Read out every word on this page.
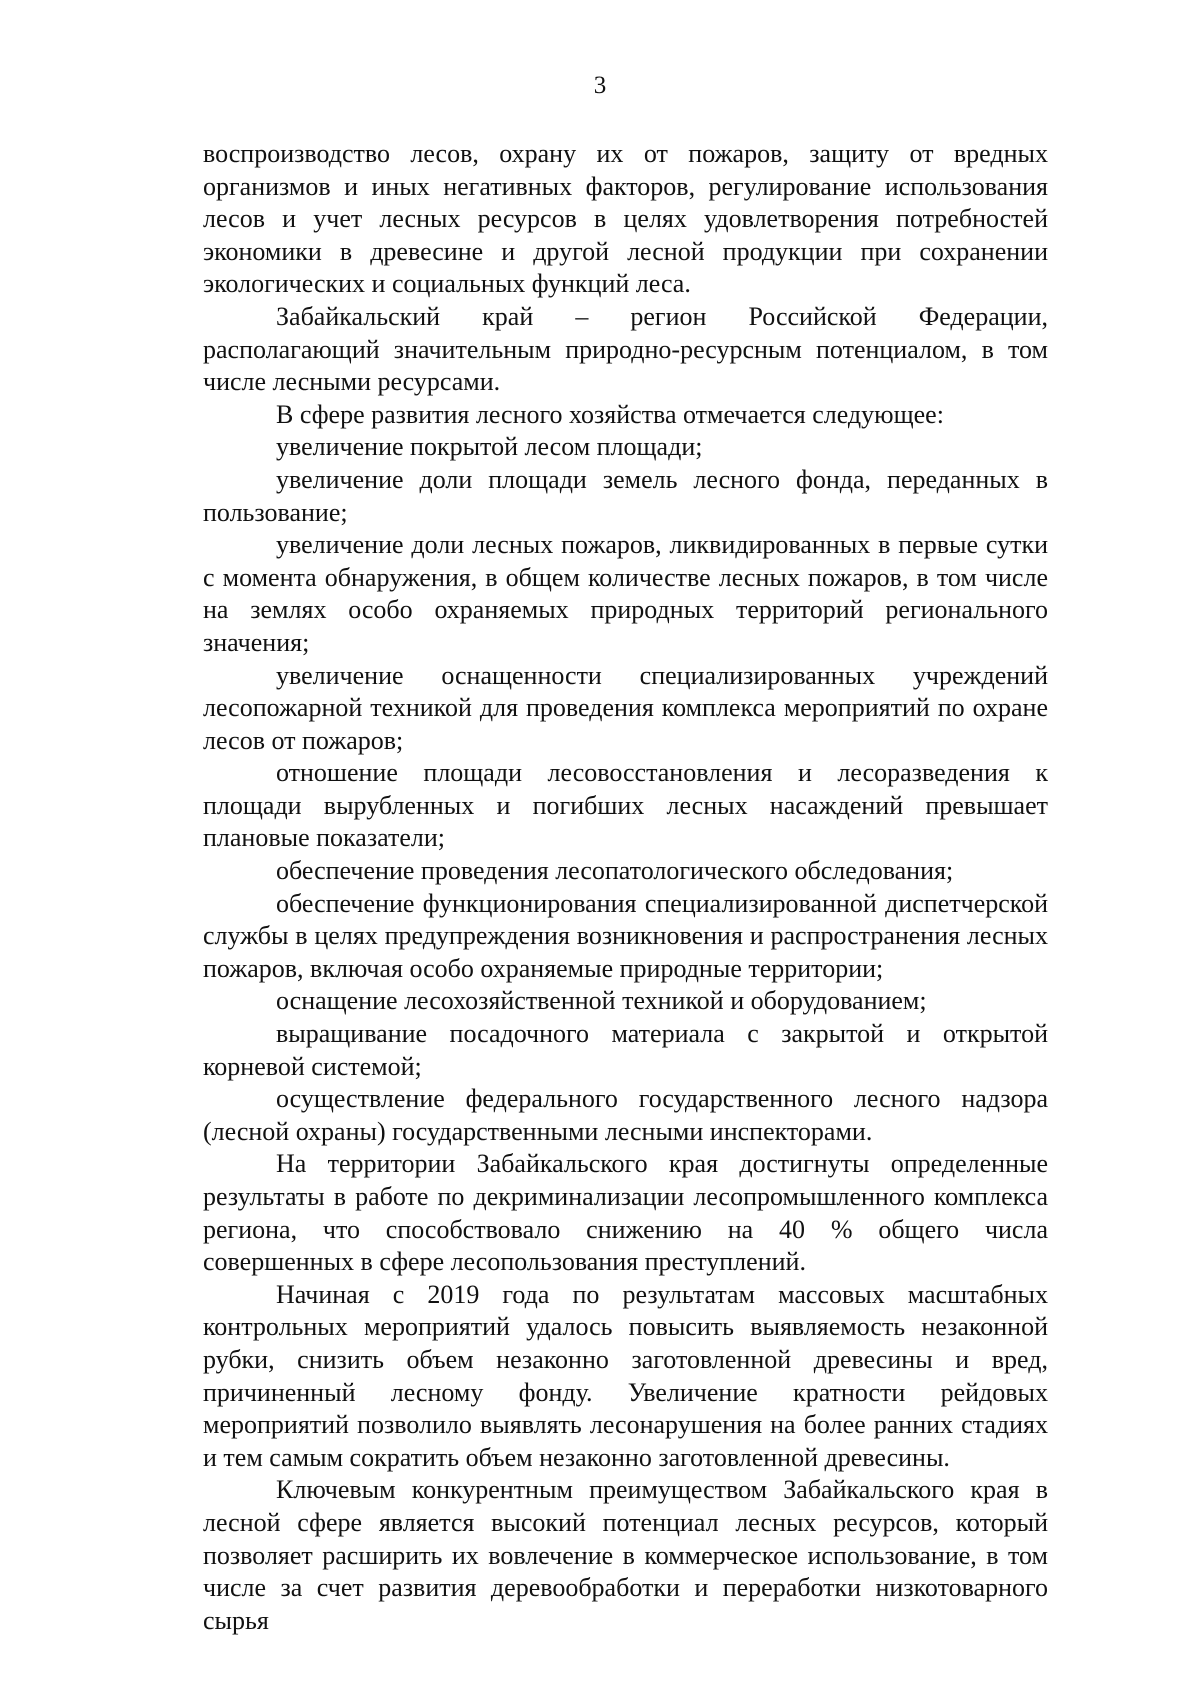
3

воспроизводство лесов, охрану их от пожаров, защиту от вредных организмов и иных негативных факторов, регулирование использования лесов и учет лесных ресурсов в целях удовлетворения потребностей экономики в древесине и другой лесной продукции при сохранении экологических и социальных функций леса.

Забайкальский край – регион Российской Федерации, располагающий значительным природно-ресурсным потенциалом, в том числе лесными ресурсами.

В сфере развития лесного хозяйства отмечается следующее:

увеличение покрытой лесом площади;

увеличение доли площади земель лесного фонда, переданных в пользование;

увеличение доли лесных пожаров, ликвидированных в первые сутки с момента обнаружения, в общем количестве лесных пожаров, в том числе на землях особо охраняемых природных территорий регионального значения;

увеличение оснащенности специализированных учреждений лесопожарной техникой для проведения комплекса мероприятий по охране лесов от пожаров;

отношение площади лесовосстановления и лесоразведения к площади вырубленных и погибших лесных насаждений превышает плановые показатели;

обеспечение проведения лесопатологического обследования;

обеспечение функционирования специализированной диспетчерской службы в целях предупреждения возникновения и распространения лесных пожаров, включая особо охраняемые природные территории;

оснащение лесохозяйственной техникой и оборудованием;

выращивание посадочного материала с закрытой и открытой корневой системой;

осуществление федерального государственного лесного надзора (лесной охраны) государственными лесными инспекторами.

На территории Забайкальского края достигнуты определенные результаты в работе по декриминализации лесопромышленного комплекса региона, что способствовало снижению на 40 % общего числа совершенных в сфере лесопользования преступлений.

Начиная с 2019 года по результатам массовых масштабных контрольных мероприятий удалось повысить выявляемость незаконной рубки, снизить объем незаконно заготовленной древесины и вред, причиненный лесному фонду. Увеличение кратности рейдовых мероприятий позволило выявлять лесонарушения на более ранних стадиях и тем самым сократить объем незаконно заготовленной древесины.

Ключевым конкурентным преимуществом Забайкальского края в лесной сфере является высокий потенциал лесных ресурсов, который позволяет расширить их вовлечение в коммерческое использование, в том числе за счет развития деревообработки и переработки низкотоварного сырья
